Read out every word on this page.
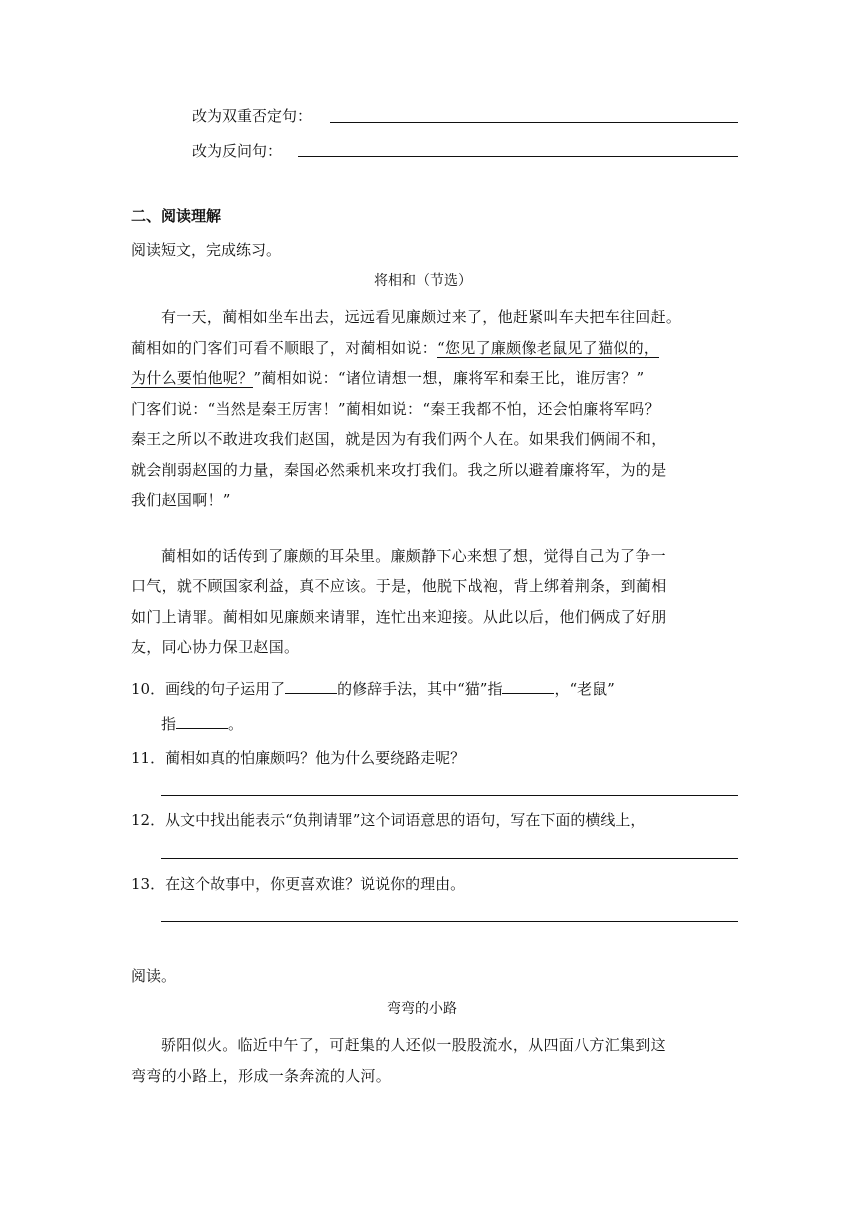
改为双重否定句：
改为反问句：
二、阅读理解
阅读短文，完成练习。
将相和（节选）
有一天，蔺相如坐车出去，远远看见廉颇过来了，他赶紧叫车夫把车往回赶。
蔺相如的门客们可看不顺眼了，对蔺相如说：“您见了廉颇像老鼠见了猫似的，
为什么要怕他呢？”蔺相如说：“诸位请想一想，廉将军和秦王比，谁厉害？”
门客们说：“当然是秦王厉害！”蔺相如说：“秦王我都不怕，还会怕廉将军吗？
秦王之所以不敢进攻我们赵国，就是因为有我们两个人在。如果我们俩闹不和，
就会削弱赵国的力量，秦国必然乘机来攻打我们。我之所以避着廉将军，为的是
我们赵国啊！”
蔺相如的话传到了廉颇的耳朵里。廉颇静下心来想了想，觉得自己为了争一
口气，就不顾国家利益，真不应该。于是，他脱下战袍，背上绑着荆条，到蔺相
如门上请罪。蔺相如见廉颇来请罪，连忙出来迎接。从此以后，他们俩成了好朋
友，同心协力保卫赵国。
10．画线的句子运用了	的修辞手法，其中“猫”指	，“老鼠”
指	。
11．蔺相如真的怕廉颇吗？他为什么要绕路走呢？
12．从文中找出能表示“负荆请罪”这个词语意思的语句，写在下面的横线上，
13．在这个故事中，你更喜欢谁？说说你的理由。
阅读。
弯弯的小路
骄阳似火。临近中午了，可赶集的人还似一股股流水，从四面八方汇集到这
弯弯的小路上，形成一条奔流的人河。
